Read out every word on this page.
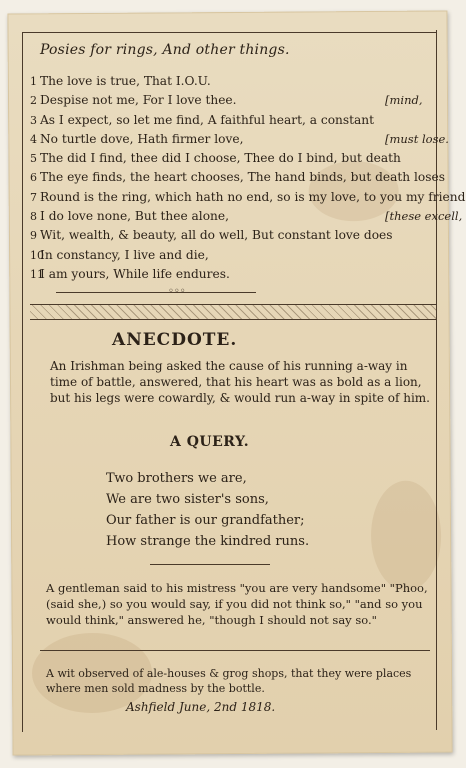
Posies for rings, And other things.
1 The love is true, That I.O.U.
2 Despise not me, For I love thee.	[mind,
3 As I expect, so let me find, A faithful heart, a constant
4 No turtle dove, Hath firmer love,	[must lose.
5 The did I find, thee did I choose, Thee do I bind, but death
6 The eye finds, the heart chooses, The hand binds, but death loses
7 Round is the ring, which hath no end, so is my love, to you my friend
8 I do love none, But thee alone,	[these excell,
9 Wit, wealth, & beauty, all do well, But constant love does
10In constancy, I live and die,
11I am yours, While life endures.
◦◦◦
ANECDOTE.
An Irishman being asked the cause of his running a-way in time of battle, answered, that his heart was as bold as a lion, but his legs were cowardly, & would run a-way in spite of him.
A QUERY.
Two brothers we are,
We are two sister's sons,
Our father is our grandfather;
How strange the kindred runs.
A gentleman said to his mistress "you are very handsome" "Phoo, (said she,) so you would say, if you did not think so," "and so you would think," answered he, "though I should not say so."
A wit observed of ale-houses & grog shops, that they were places where men sold madness by the bottle.
Ashfield June, 2nd 1818.
